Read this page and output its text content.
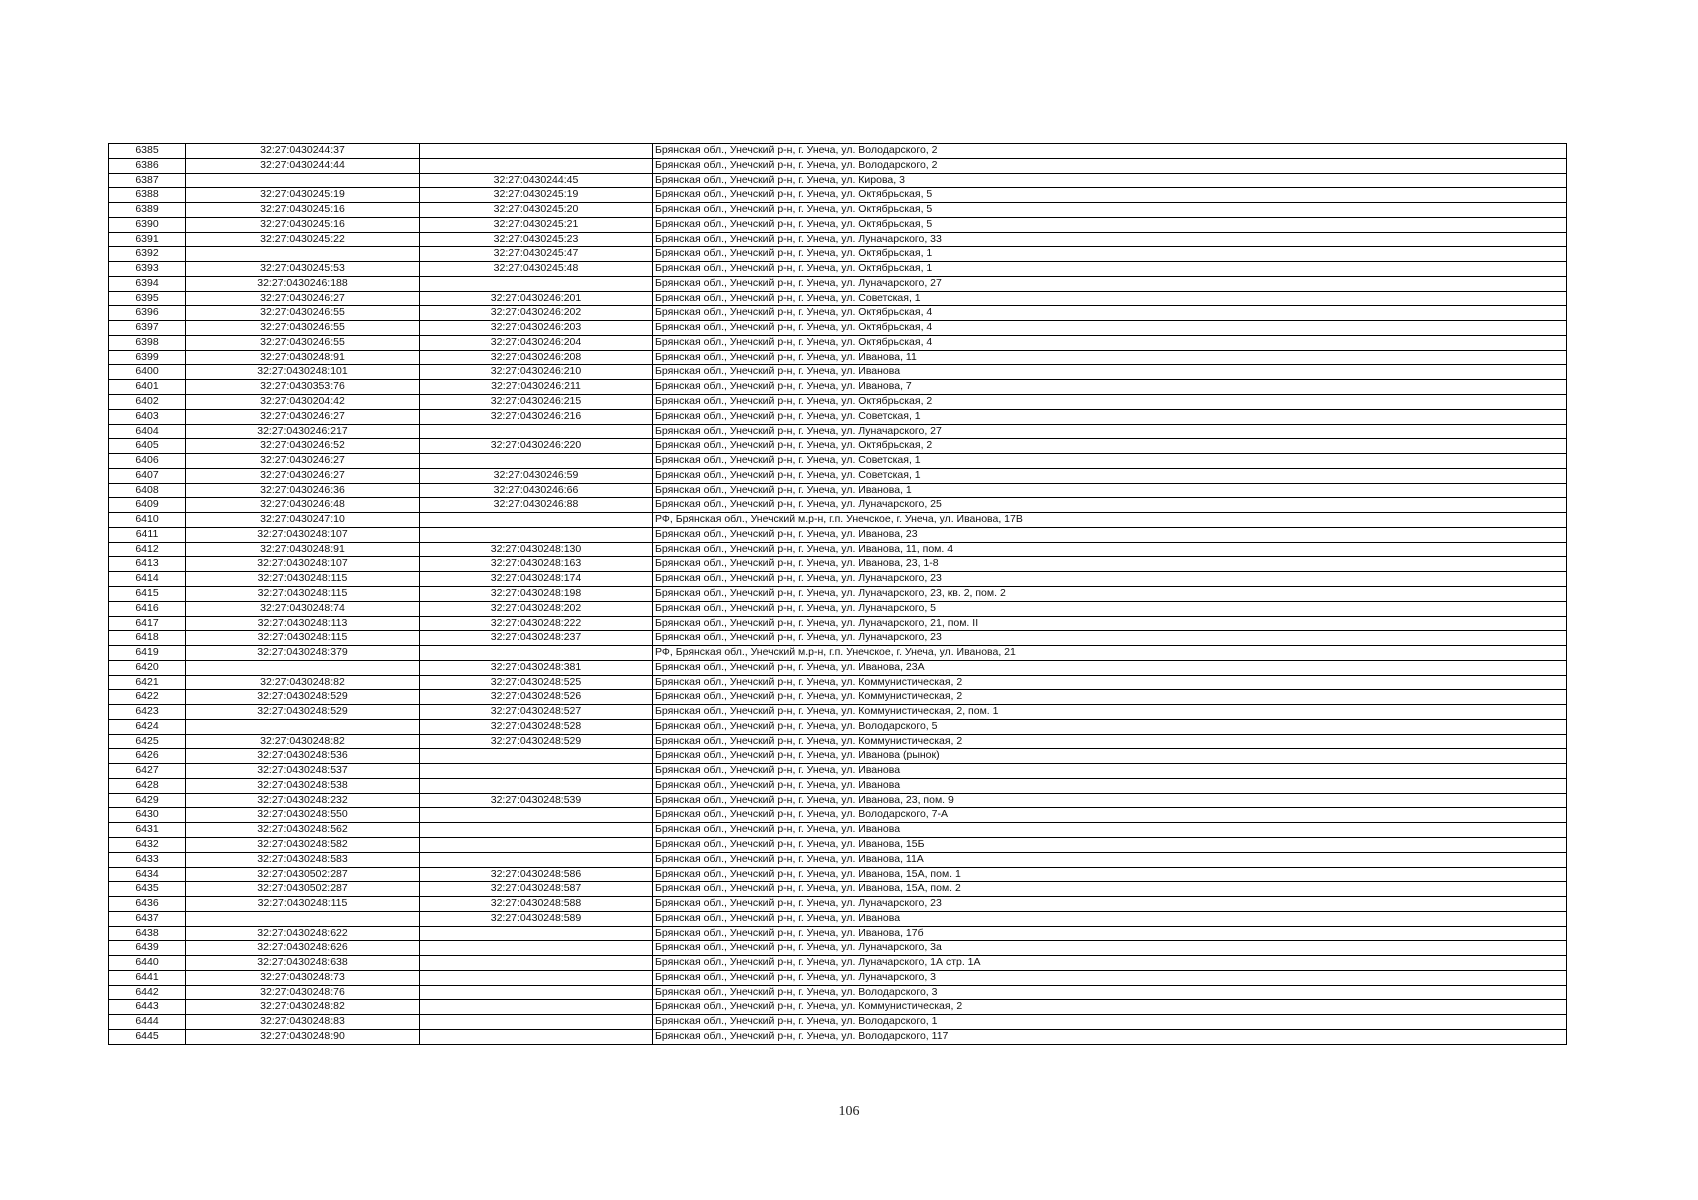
6385	32:27:0430244:37		Брянская обл., Унечский р-н, г. Унеча, ул. Володарского, 2
6386	32:27:0430244:44		Брянская обл., Унечский р-н, г. Унеча, ул. Володарского, 2
6387		32:27:0430244:45	Брянская обл., Унечский р-н, г. Унеча, ул. Кирова, 3
6388	32:27:0430245:19	32:27:0430245:19	Брянская обл., Унечский р-н, г. Унеча, ул. Октябрьская, 5
6389	32:27:0430245:16	32:27:0430245:20	Брянская обл., Унечский р-н, г. Унеча, ул. Октябрьская, 5
6390	32:27:0430245:16	32:27:0430245:21	Брянская обл., Унечский р-н, г. Унеча, ул. Октябрьская, 5
6391	32:27:0430245:22	32:27:0430245:23	Брянская обл., Унечский р-н, г. Унеча, ул. Луначарского, 33
6392		32:27:0430245:47	Брянская обл., Унечский р-н, г. Унеча, ул. Октябрьская, 1
6393	32:27:0430245:53	32:27:0430245:48	Брянская обл., Унечский р-н, г. Унеча, ул. Октябрьская, 1
6394	32:27:0430246:188		Брянская обл., Унечский р-н, г. Унеча, ул. Луначарского, 27
6395	32:27:0430246:27	32:27:0430246:201	Брянская обл., Унечский р-н, г. Унеча, ул. Советская, 1
6396	32:27:0430246:55	32:27:0430246:202	Брянская обл., Унечский р-н, г. Унеча, ул. Октябрьская, 4
6397	32:27:0430246:55	32:27:0430246:203	Брянская обл., Унечский р-н, г. Унеча, ул. Октябрьская, 4
6398	32:27:0430246:55	32:27:0430246:204	Брянская обл., Унечский р-н, г. Унеча, ул. Октябрьская, 4
6399	32:27:0430248:91	32:27:0430246:208	Брянская обл., Унечский р-н, г. Унеча, ул. Иванова, 11
6400	32:27:0430248:101	32:27:0430246:210	Брянская обл., Унечский р-н, г. Унеча, ул. Иванова
6401	32:27:0430353:76	32:27:0430246:211	Брянская обл., Унечский р-н, г. Унеча, ул. Иванова, 7
6402	32:27:0430204:42	32:27:0430246:215	Брянская обл., Унечский р-н, г. Унеча, ул. Октябрьская, 2
6403	32:27:0430246:27	32:27:0430246:216	Брянская обл., Унечский р-н, г. Унеча, ул. Советская, 1
6404	32:27:0430246:217		Брянская обл., Унечский р-н, г. Унеча, ул. Луначарского, 27
6405	32:27:0430246:52	32:27:0430246:220	Брянская обл., Унечский р-н, г. Унеча, ул. Октябрьская, 2
6406	32:27:0430246:27		Брянская обл., Унечский р-н, г. Унеча, ул. Советская, 1
6407	32:27:0430246:27	32:27:0430246:59	Брянская обл., Унечский р-н, г. Унеча, ул. Советская, 1
6408	32:27:0430246:36	32:27:0430246:66	Брянская обл., Унечский р-н, г. Унеча, ул. Иванова, 1
6409	32:27:0430246:48	32:27:0430246:88	Брянская обл., Унечский р-н, г. Унеча, ул. Луначарского, 25
6410	32:27:0430247:10		РФ, Брянская обл., Унечский м.р-н, г.п. Унечское, г. Унеча, ул. Иванова, 17В
6411	32:27:0430248:107		Брянская обл., Унечский р-н, г. Унеча, ул. Иванова, 23
6412	32:27:0430248:91	32:27:0430248:130	Брянская обл., Унечский р-н, г. Унеча, ул. Иванова, 11, пом. 4
6413	32:27:0430248:107	32:27:0430248:163	Брянская обл., Унечский р-н, г. Унеча, ул. Иванова, 23, 1-8
6414	32:27:0430248:115	32:27:0430248:174	Брянская обл., Унечский р-н, г. Унеча, ул. Луначарского, 23
6415	32:27:0430248:115	32:27:0430248:198	Брянская обл., Унечский р-н, г. Унеча, ул. Луначарского, 23, кв. 2, пом. 2
6416	32:27:0430248:74	32:27:0430248:202	Брянская обл., Унечский р-н, г. Унеча, ул. Луначарского, 5
6417	32:27:0430248:113	32:27:0430248:222	Брянская обл., Унечский р-н, г. Унеча, ул. Луначарского, 21, пом. II
6418	32:27:0430248:115	32:27:0430248:237	Брянская обл., Унечский р-н, г. Унеча, ул. Луначарского, 23
6419	32:27:0430248:379		РФ, Брянская обл., Унечский м.р-н, г.п. Унечское, г. Унеча, ул. Иванова, 21
6420		32:27:0430248:381	Брянская обл., Унечский р-н, г. Унеча, ул. Иванова, 23А
6421	32:27:0430248:82	32:27:0430248:525	Брянская обл., Унечский р-н, г. Унеча, ул. Коммунистическая, 2
6422	32:27:0430248:529	32:27:0430248:526	Брянская обл., Унечский р-н, г. Унеча, ул. Коммунистическая, 2
6423	32:27:0430248:529	32:27:0430248:527	Брянская обл., Унечский р-н, г. Унеча, ул. Коммунистическая, 2, пом. 1
6424		32:27:0430248:528	Брянская обл., Унечский р-н, г. Унеча, ул. Володарского, 5
6425	32:27:0430248:82	32:27:0430248:529	Брянская обл., Унечский р-н, г. Унеча, ул. Коммунистическая, 2
6426	32:27:0430248:536		Брянская обл., Унечский р-н, г. Унеча, ул. Иванова (рынок)
6427	32:27:0430248:537		Брянская обл., Унечский р-н, г. Унеча, ул. Иванова
6428	32:27:0430248:538		Брянская обл., Унечский р-н, г. Унеча, ул. Иванова
6429	32:27:0430248:232	32:27:0430248:539	Брянская обл., Унечский р-н, г. Унеча, ул. Иванова, 23, пом. 9
6430	32:27:0430248:550		Брянская обл., Унечский р-н, г. Унеча, ул. Володарского, 7-А
6431	32:27:0430248:562		Брянская обл., Унечский р-н, г. Унеча, ул. Иванова
6432	32:27:0430248:582		Брянская обл., Унечский р-н, г. Унеча, ул. Иванова, 15Б
6433	32:27:0430248:583		Брянская обл., Унечский р-н, г. Унеча, ул. Иванова, 11А
6434	32:27:0430502:287	32:27:0430248:586	Брянская обл., Унечский р-н, г. Унеча, ул. Иванова, 15А, пом. 1
6435	32:27:0430502:287	32:27:0430248:587	Брянская обл., Унечский р-н, г. Унеча, ул. Иванова, 15А, пом. 2
6436	32:27:0430248:115	32:27:0430248:588	Брянская обл., Унечский р-н, г. Унеча, ул. Луначарского, 23
6437		32:27:0430248:589	Брянская обл., Унечский р-н, г. Унеча, ул. Иванова
6438	32:27:0430248:622		Брянская обл., Унечский р-н, г. Унеча, ул. Иванова, 17б
6439	32:27:0430248:626		Брянская обл., Унечский р-н, г. Унеча, ул. Луначарского, 3а
6440	32:27:0430248:638		Брянская обл., Унечский р-н, г. Унеча, ул. Луначарского, 1А стр. 1А
6441	32:27:0430248:73		Брянская обл., Унечский р-н, г. Унеча, ул. Луначарского, 3
6442	32:27:0430248:76		Брянская обл., Унечский р-н, г. Унеча, ул. Володарского, 3
6443	32:27:0430248:82		Брянская обл., Унечский р-н, г. Унеча, ул. Коммунистическая, 2
6444	32:27:0430248:83		Брянская обл., Унечский р-н, г. Унеча, ул. Володарского, 1
6445	32:27:0430248:90		Брянская обл., Унечский р-н, г. Унеча, ул. Володарского, 117
106
